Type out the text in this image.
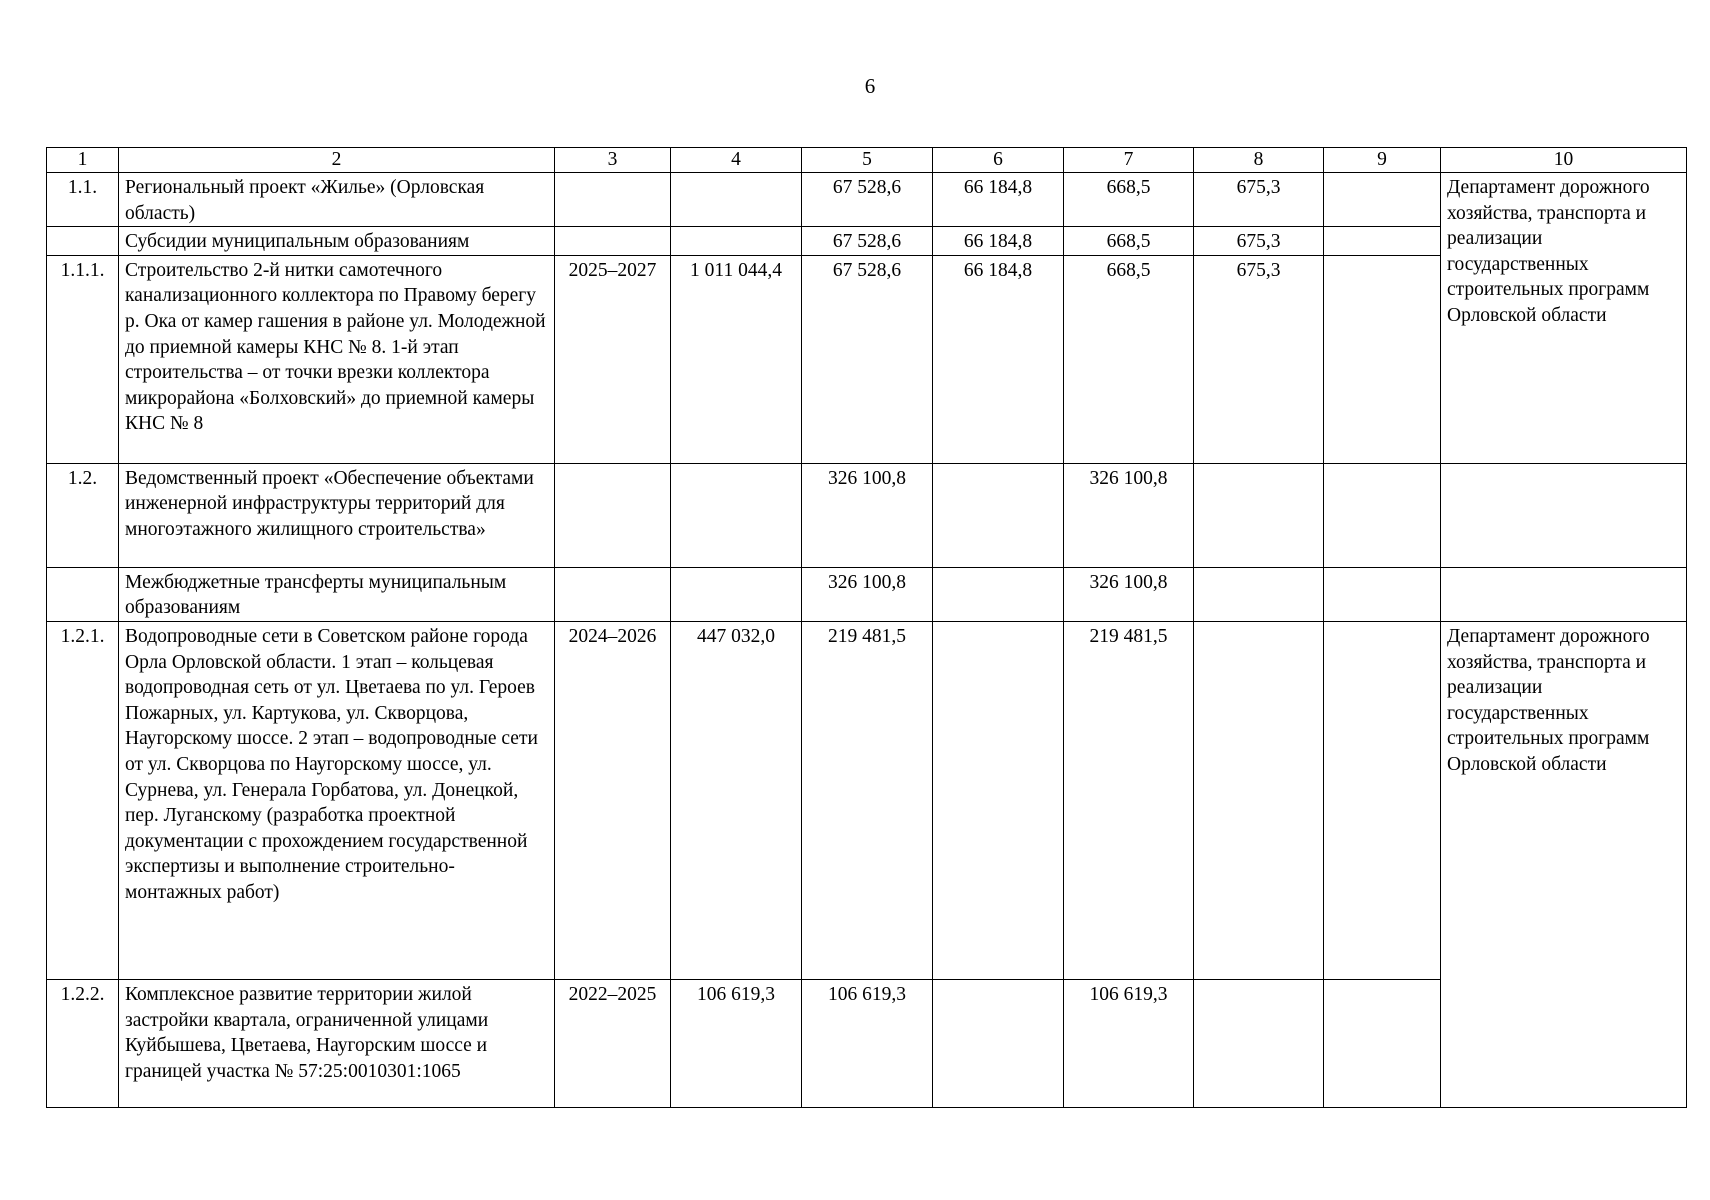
6
1	2	3	4	5	6	7	8	9	10
1.1.	Региональный проект «Жилье» (Орловская область)			67 528,6	66 184,8	668,5	675,3		Департамент дорожного хозяйства, транспорта и реализации государственных строительных программ Орловской области
	Субсидии муниципальным образованиям			67 528,6	66 184,8	668,5	675,3		
1.1.1.	Строительство 2-й нитки самотечного канализационного коллектора по Правому берегу р. Ока от камер гашения в районе ул. Молодежной до приемной камеры КНС № 8. 1-й этап строительства – от точки врезки коллектора микрорайона «Болховский» до приемной камеры КНС № 8	2025–2027	1 011 044,4	67 528,6	66 184,8	668,5	675,3		
1.2.	Ведомственный проект «Обеспечение объектами инженерной инфраструктуры территорий для многоэтажного жилищного строительства»			326 100,8		326 100,8			
	Межбюджетные трансферты муниципальным образованиям			326 100,8		326 100,8			
1.2.1.	Водопроводные сети в Советском районе города Орла Орловской области. 1 этап – кольцевая водопроводная сеть от ул. Цветаева по ул. Героев Пожарных, ул. Картукова, ул. Скворцова, Наугорскому шоссе. 2 этап – водопроводные сети от ул. Скворцова по Наугорскому шоссе, ул. Сурнева, ул. Генерала Горбатова, ул. Донецкой, пер. Луганскому (разработка проектной документации с прохождением государственной экспертизы и выполнение строительно-монтажных работ)	2024–2026	447 032,0	219 481,5		219 481,5			Департамент дорожного хозяйства, транспорта и реализации государственных строительных программ Орловской области
1.2.2.	Комплексное развитие территории жилой застройки квартала, ограниченной улицами Куйбышева, Цветаева, Наугорским шоссе и границей участка № 57:25:0010301:1065	2022–2025	106 619,3	106 619,3		106 619,3			
